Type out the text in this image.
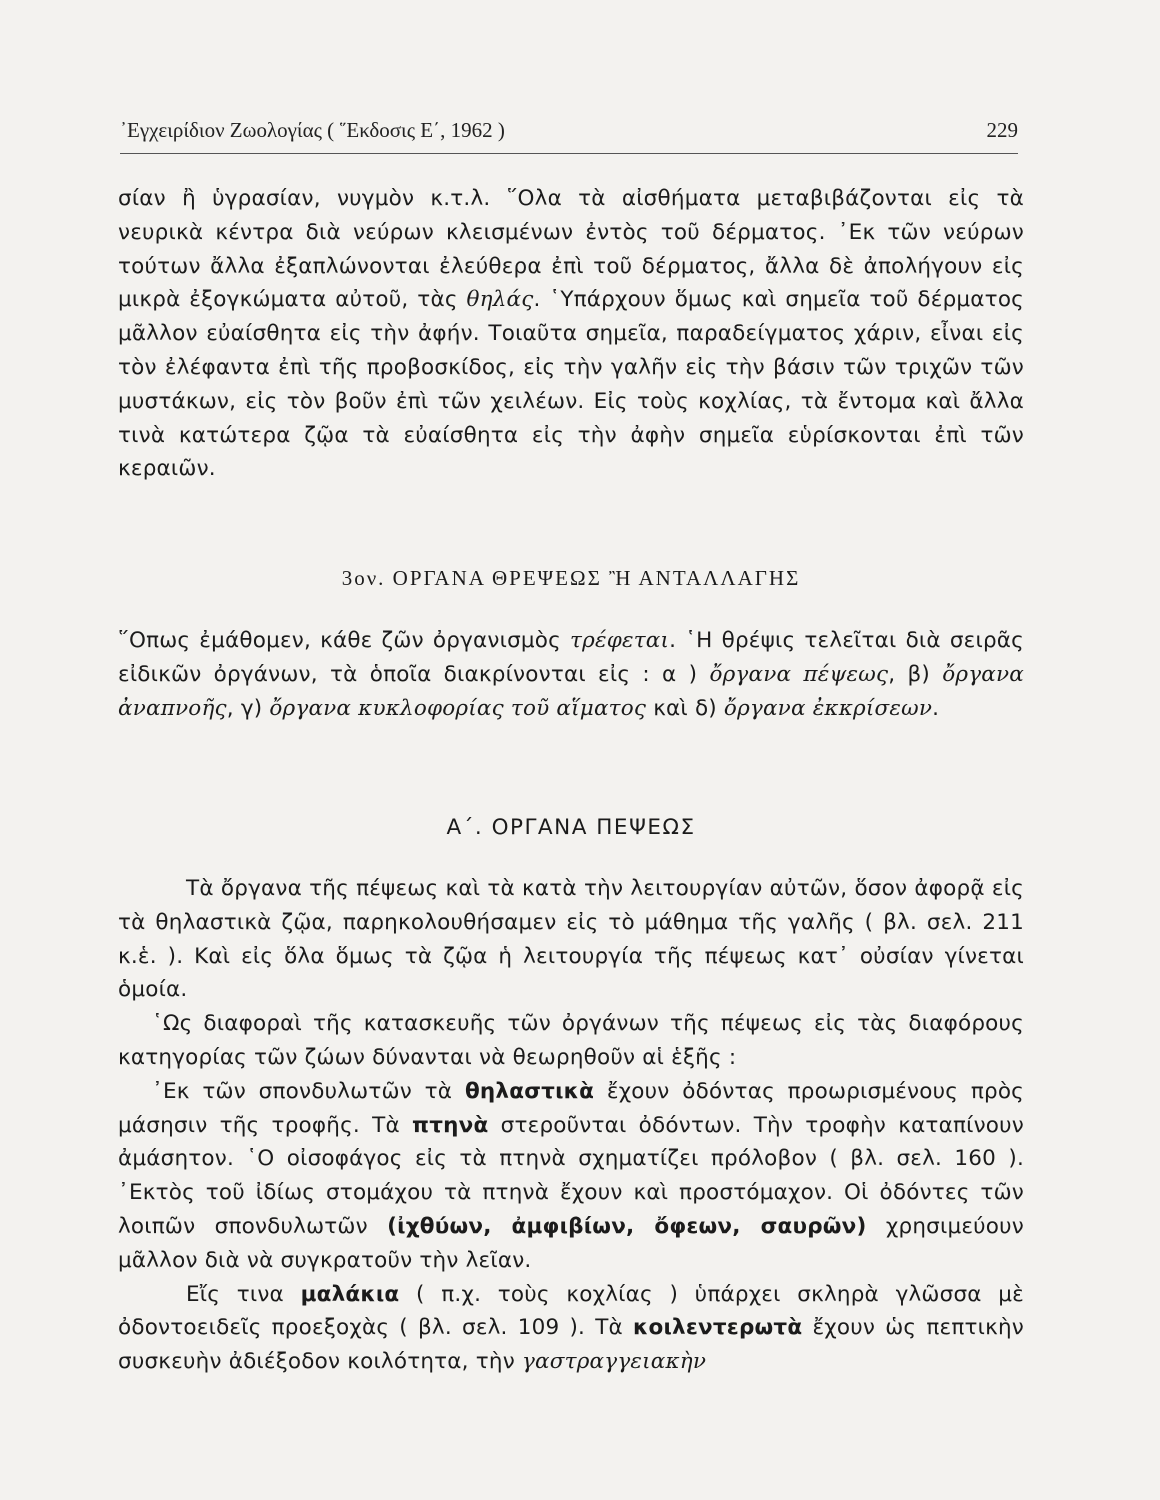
᾿Εγχειρίδιον Ζωολογίας ( ῞Εκδοσις Ε΄, 1962 )	229

σίαν ἢ ὑγρασίαν, νυγμὸν κ.τ.λ. ῞Ολα τὰ αἰσθήματα μεταβιβάζονται εἰς τὰ νευρικὰ κέντρα διὰ νεύρων κλεισμένων ἐντὸς τοῦ δέρματος. ᾿Εκ τῶν νεύρων τούτων ἄλλα ἐξαπλώνονται ἐλεύθερα ἐπὶ τοῦ δέρματος, ἄλλα δὲ ἀπολήγουν εἰς μικρὰ ἐξογκώματα αὐτοῦ, τὰς θηλάς. ῾Υπάρχουν ὅμως καὶ σημεῖα τοῦ δέρματος μᾶλλον εὐαίσθητα εἰς τὴν ἀφήν. Τοιαῦτα σημεῖα, παραδείγματος χάριν, εἶναι εἰς τὸν ἐλέφαντα ἐπὶ τῆς προβοσκίδος, εἰς τὴν γαλῆν εἰς τὴν βάσιν τῶν τριχῶν τῶν μυστάκων, εἰς τὸν βοῦν ἐπὶ τῶν χειλέων. Εἰς τοὺς κοχλίας, τὰ ἔντομα καὶ ἄλλα τινὰ κατώτερα ζῷα τὰ εὐαίσθητα εἰς τὴν ἀφὴν σημεῖα εὑρίσκονται ἐπὶ τῶν κεραιῶν.

3ον. ΟΡΓΑΝΑ ΘΡΕΨΕΩΣ Ἢ ΑΝΤΑΛΛΑΓΗΣ

῞Οπως ἐμάθομεν, κάθε ζῶν ὀργανισμὸς τρέφεται. ῾Η θρέψις τελεῖται διὰ σειρᾶς εἰδικῶν ὀργάνων, τὰ ὁποῖα διακρίνονται εἰς : α ) ὄργανα πέψεως, β) ὄργανα ἀναπνοῆς, γ) ὄργανα κυκλοφορίας τοῦ αἵματος καὶ δ) ὄργανα ἐκκρίσεων.

Α΄. ΟΡΓΑΝΑ ΠΕΨΕΩΣ

Τὰ ὄργανα τῆς πέψεως καὶ τὰ κατὰ τὴν λειτουργίαν αὐτῶν, ὅσον ἀφορᾷ εἰς τὰ θηλαστικὰ ζῷα, παρηκολουθήσαμεν εἰς τὸ μάθημα τῆς γαλῆς ( βλ. σελ. 211 κ.ἑ. ). Καὶ εἰς ὅλα ὅμως τὰ ζῷα ἡ λειτουργία τῆς πέψεως κατ᾿ οὐσίαν γίνεται ὁμοία.

῾Ως διαφοραὶ τῆς κατασκευῆς τῶν ὀργάνων τῆς πέψεως εἰς τὰς διαφόρους κατηγορίας τῶν ζώων δύνανται νὰ θεωρηθοῦν αἱ ἑξῆς :

᾿Εκ τῶν σπονδυλωτῶν τὰ θηλαστικὰ ἔχουν ὀδόντας προωρισμένους πρὸς μάσησιν τῆς τροφῆς. Τὰ πτηνὰ στεροῦνται ὀδόντων. Τὴν τροφὴν καταπίνουν ἀμάσητον. ῾Ο οἰσοφάγος εἰς τὰ πτηνὰ σχηματίζει πρόλοβον ( βλ. σελ. 160 ). ᾿Εκτὸς τοῦ ἰδίως στομάχου τὰ πτηνὰ ἔχουν καὶ προστόμαχον. Οἱ ὀδόντες τῶν λοιπῶν σπονδυλωτῶν (ἰχθύων, ἀμφιβίων, ὄφεων, σαυρῶν) χρησιμεύουν μᾶλλον διὰ νὰ συγκρατοῦν τὴν λεῖαν.

Εἴς τινα μαλάκια ( π.χ. τοὺς κοχλίας ) ὑπάρχει σκληρὰ γλῶσσα μὲ ὀδοντοειδεῖς προεξοχὰς ( βλ. σελ. 109 ). Τὰ κοιλεντερωτὰ ἔχουν ὡς πεπτικὴν συσκευὴν ἀδιέξοδον κοιλότητα, τὴν γαστραγγειακὴν
